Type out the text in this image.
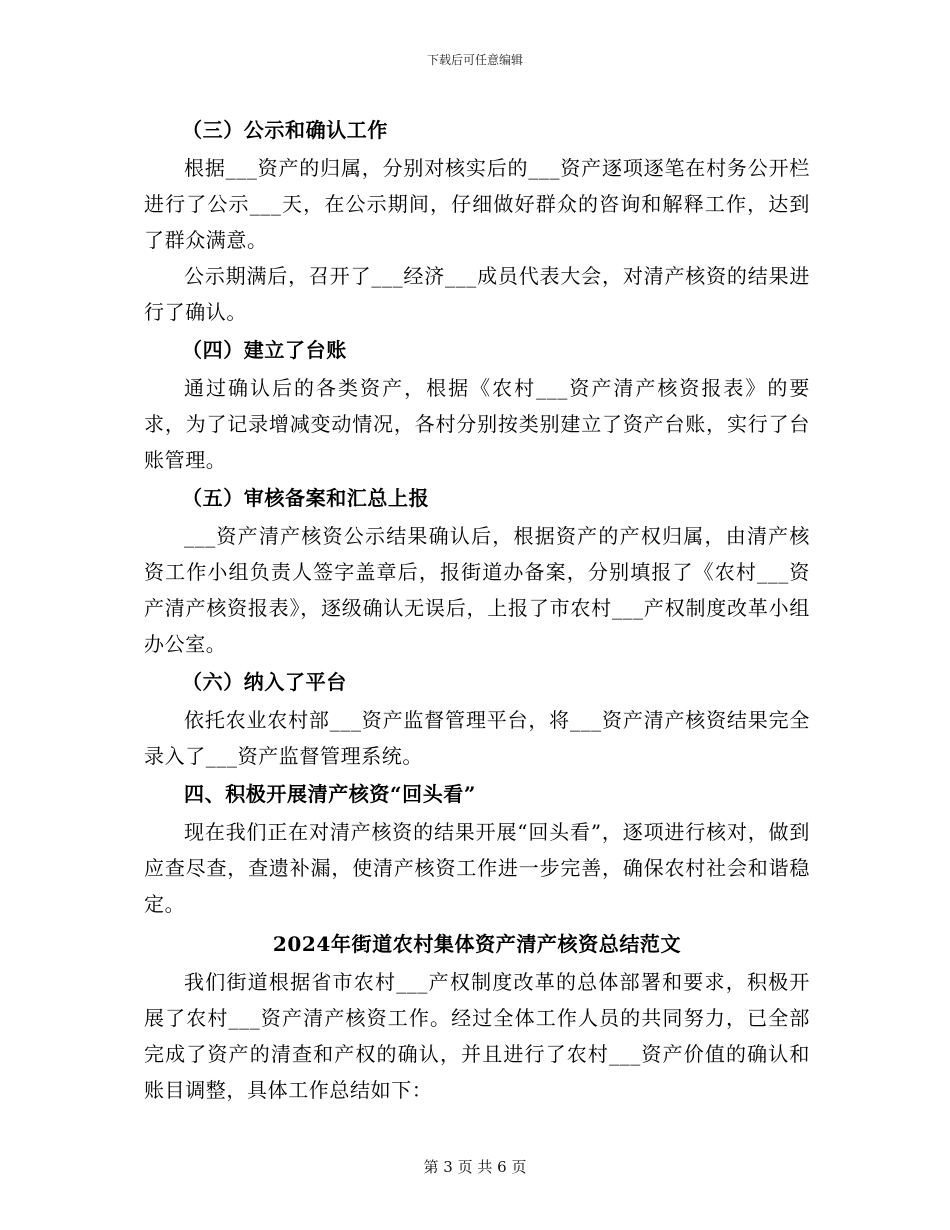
下载后可任意编辑

（三）公示和确认工作

根据___资产的归属，分别对核实后的___资产逐项逐笔在村务公开栏进行了公示___天，在公示期间，仔细做好群众的咨询和解释工作，达到了群众满意。

公示期满后，召开了___经济___成员代表大会，对清产核资的结果进行了确认。

（四）建立了台账

通过确认后的各类资产，根据《农村___资产清产核资报表》的要求，为了记录增减变动情况，各村分别按类别建立了资产台账，实行了台账管理。

（五）审核备案和汇总上报

___资产清产核资公示结果确认后，根据资产的产权归属，由清产核资工作小组负责人签字盖章后，报街道办备案，分别填报了《农村___资产清产核资报表》，逐级确认无误后，上报了市农村___产权制度改革小组办公室。

（六）纳入了平台

依托农业农村部___资产监督管理平台，将___资产清产核资结果完全录入了___资产监督管理系统。

四、积极开展清产核资“回头看”

现在我们正在对清产核资的结果开展“回头看”，逐项进行核对，做到应查尽查，查遗补漏，使清产核资工作进一步完善，确保农村社会和谐稳定。

2024年街道农村集体资产清产核资总结范文

我们街道根据省市农村___产权制度改革的总体部署和要求，积极开展了农村___资产清产核资工作。经过全体工作人员的共同努力，已全部完成了资产的清查和产权的确认，并且进行了农村___资产价值的确认和账目调整，具体工作总结如下：

第 3 页 共 6 页
